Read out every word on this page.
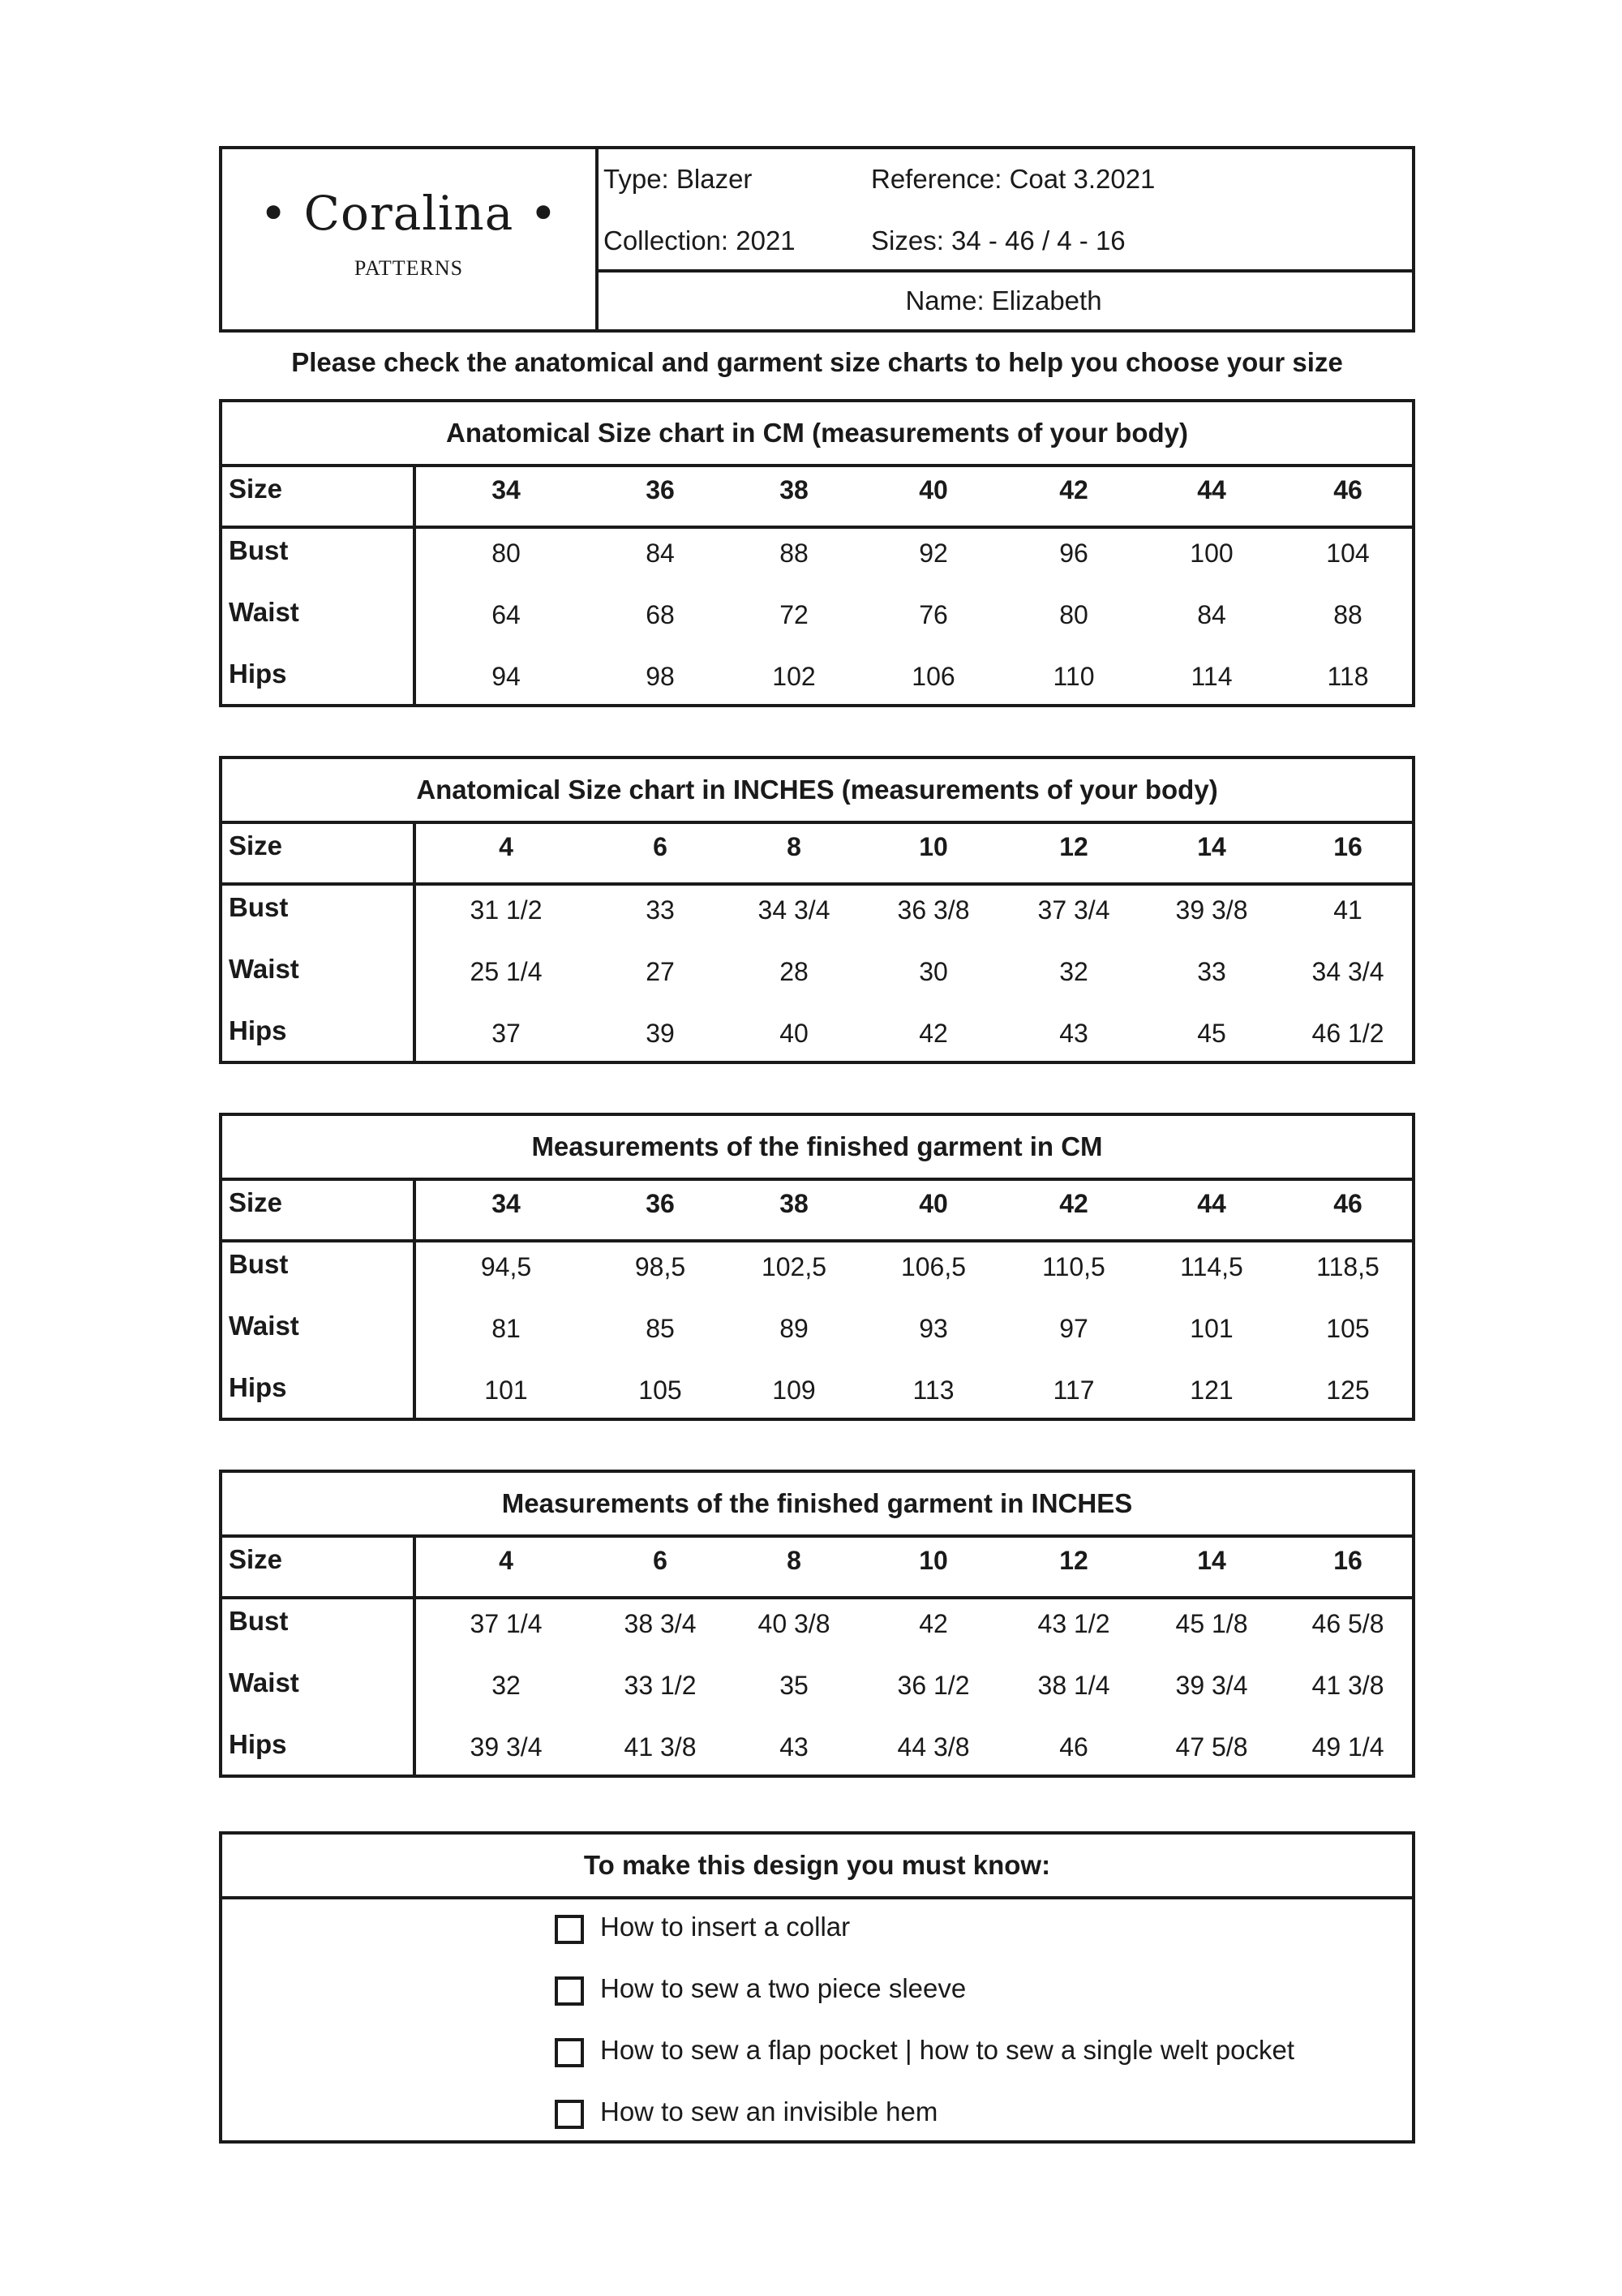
• Coralina •
PATTERNS
Type: Blazer	Reference: Coat 3.2021
Collection: 2021	Sizes: 34 - 46 / 4 - 16
Name: Elizabeth
Please check the anatomical and garment size charts to help you choose your size
Anatomical Size chart in CM (measurements of your body)
Size	34	36	38	40	42	44	46
Bust	80	84	88	92	96	100	104
Waist	64	68	72	76	80	84	88
Hips	94	98	102	106	110	114	118
Anatomical Size chart in INCHES (measurements of your body)
Size	4	6	8	10	12	14	16
Bust	31 1/2	33	34 3/4	36 3/8	37 3/4	39 3/8	41
Waist	25 1/4	27	28	30	32	33	34 3/4
Hips	37	39	40	42	43	45	46 1/2
Measurements of the finished garment in CM
Size	34	36	38	40	42	44	46
Bust	94,5	98,5	102,5	106,5	110,5	114,5	118,5
Waist	81	85	89	93	97	101	105
Hips	101	105	109	113	117	121	125
Measurements of the finished garment in INCHES
Size	4	6	8	10	12	14	16
Bust	37 1/4	38 3/4	40 3/8	42	43 1/2	45 1/8	46 5/8
Waist	32	33 1/2	35	36 1/2	38 1/4	39 3/4	41 3/8
Hips	39 3/4	41 3/8	43	44 3/8	46	47 5/8	49 1/4
To make this design you must know:
How to insert a collar
How to sew a two piece sleeve
How to sew a flap pocket | how to sew a single welt pocket
How to sew an invisible hem
